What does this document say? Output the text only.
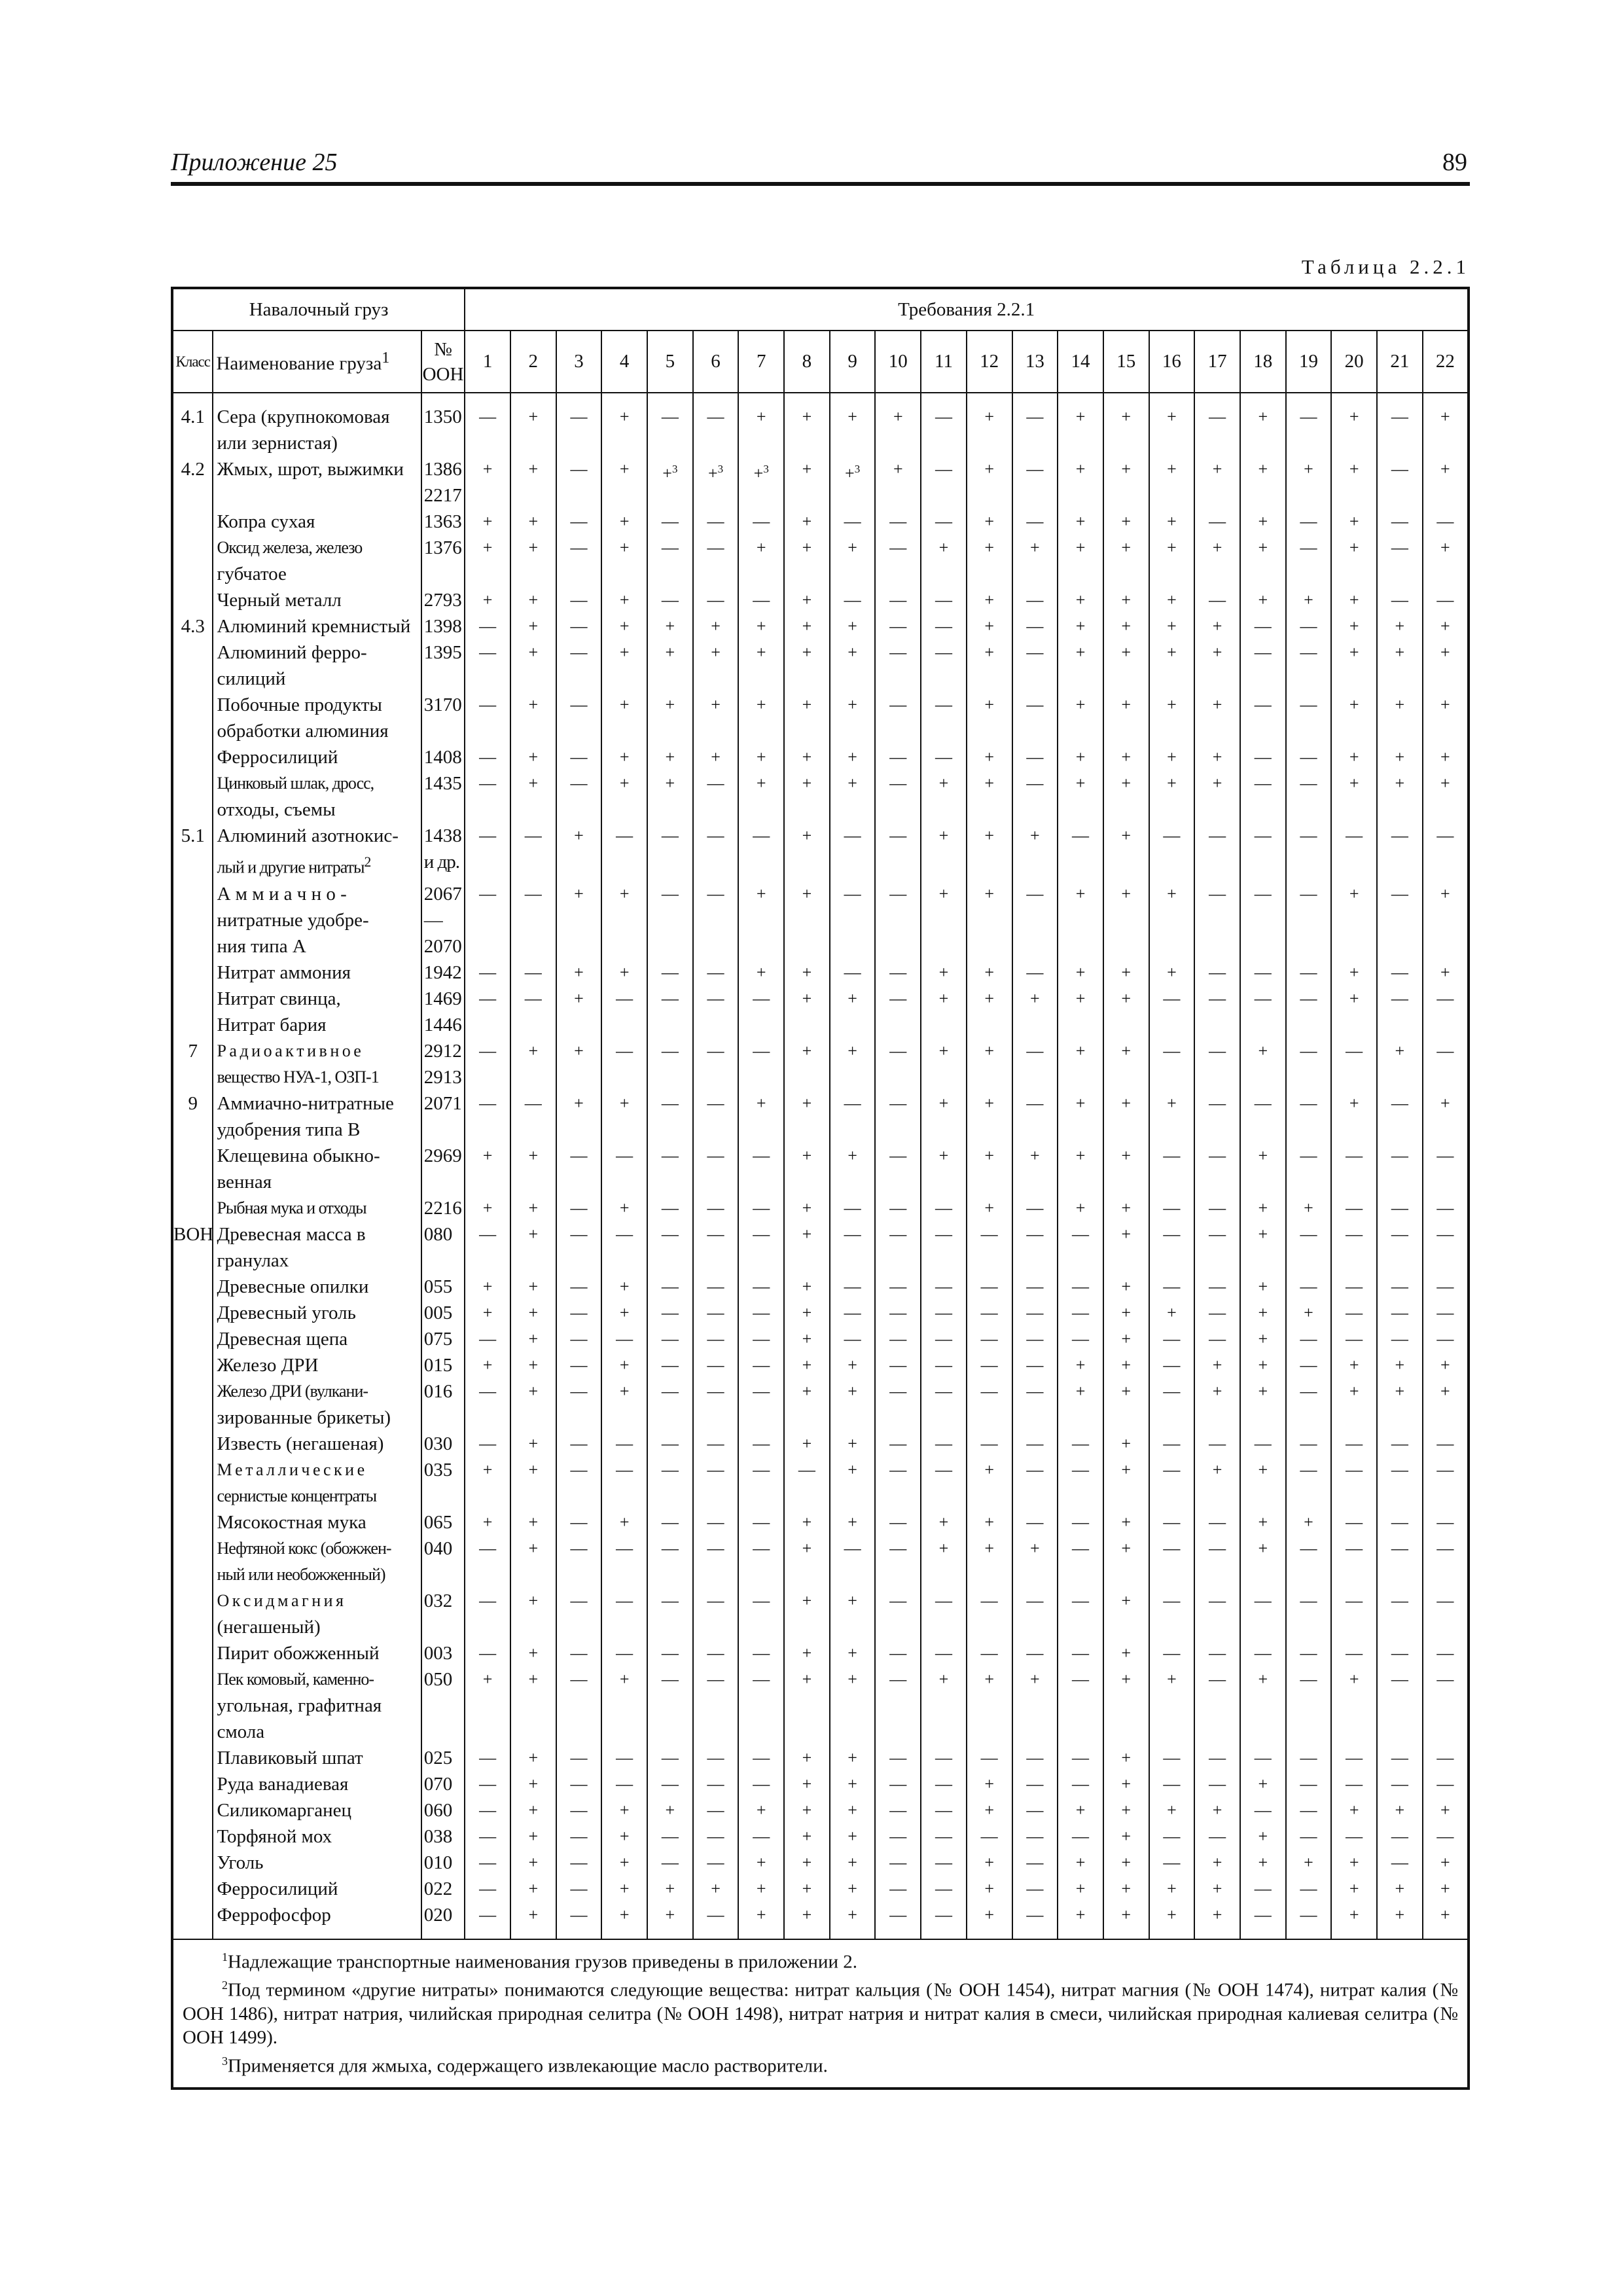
Приложение 25	89
Таблица 2.2.1
Навалочный груз			Требования 2.2.1																					
Класс	Наименование груза$^1$	№
ООН	1	2	3	4	5	6	7	8	9	10	11	12	13	14	15	16	17	18	19	20	21	22
4.1	Сера (крупнокомовая
или зернистая)	1350	—	+	—	+	—	—	+	+	+	+	—	+	—	+	+	+	—	+	—	+	—	+
4.2	Жмых, шрот, выжимки	1386
2217	+	+	—	+	+$^3$	+$^3$	+$^3$	+	+$^3$	+	—	+	—	+	+	+	+	+	+	+	—	+

	Копра сухая	1363	+	+	—	+	—	—	—	+	—	—	—	+	—	+	+	+	—	+	—	+	—	—

	Оксид железа, железо
губчатое	1376	+	+	—	+	—	—	+	+	+	—	+	+	+	+	+	+	+	+	—	+	—	+

	Черный металл	2793	+	+	—	+	—	—	—	+	—	—	—	+	—	+	+	+	—	+	+	+	—	—
4.3	Алюминий кремнистый	1398	—	+	—	+	+	+	+	+	+	—	—	+	—	+	+	+	+	—	—	+	+	+

	Алюминий ферро-
силиций	1395	—	+	—	+	+	+	+	+	+	—	—	+	—	+	+	+	+	—	—	+	+	+

	Побочные продукты
обработки алюминия	3170	—	+	—	+	+	+	+	+	+	—	—	+	—	+	+	+	+	—	—	+	+	+

	Ферросилиций	1408	—	+	—	+	+	+	+	+	+	—	—	+	—	+	+	+	+	—	—	+	+	+

	Цинковый шлак, дросс,
отходы, съемы	1435	—	+	—	+	+	—	+	+	+	—	+	+	—	+	+	+	+	—	—	+	+	+
5.1	Алюминий азотнокис-
лый и другие нитраты$^2$	1438
и др.	—	—	+	—	—	—	—	+	—	—	+	+	+	—	+	—	—	—	—	—	—	—

	А м м и а ч н о -
нитратные удобре-
ния типа А	2067
—
2070	—	—	+	+	—	—	+	+	—	—	+	+	—	+	+	+	—	—	—	+	—	+

	Нитрат аммония	1942	—	—	+	+	—	—	+	+	—	—	+	+	—	+	+	+	—	—	—	+	—	+

	Нитрат свинца,
Нитрат бария	1469
1446	—	—	+	—	—	—	—	+	+	—	+	+	+	+	+	—	—	—	—	+	—	—
7	Р а д и о а к т и в н о е
вещество НУА-1, ОЗП-1	2912
2913	—	+	+	—	—	—	—	+	+	—	+	+	—	+	+	—	—	+	—	—	+	—
9	Аммиачно-нитратные
удобрения типа В	2071	—	—	+	+	—	—	+	+	—	—	+	+	—	+	+	+	—	—	—	+	—	+

	Клещевина обыкно-
венная	2969	+	+	—	—	—	—	—	+	+	—	+	+	+	+	+	—	—	+	—	—	—	—

	Рыбная мука и отходы	2216	+	+	—	+	—	—	—	+	—	—	—	+	—	+	+	—	—	+	+	—	—	—
ВОН	Древесная масса в
гранулах	080	—	+	—	—	—	—	—	+	—	—	—	—	—	—	+	—	—	+	—	—	—	—

	Древесные опилки	055	+	+	—	+	—	—	—	+	—	—	—	—	—	—	+	—	—	+	—	—	—	—

	Древесный уголь	005	+	+	—	+	—	—	—	+	—	—	—	—	—	—	+	+	—	+	+	—	—	—

	Древесная щепа	075	—	+	—	—	—	—	—	+	—	—	—	—	—	—	+	—	—	+	—	—	—	—

	Железо ДРИ	015	+	+	—	+	—	—	—	+	+	—	—	—	—	+	+	—	+	+	—	+	+	+

	Железо ДРИ (вулкани-
зированные брикеты)	016	—	+	—	+	—	—	—	+	+	—	—	—	—	+	+	—	+	+	—	+	+	+

	Известь (негашеная)	030	—	+	—	—	—	—	—	+	+	—	—	—	—	—	+	—	—	—	—	—	—	—

	М е т а л л и ч е с к и е
сернистые концентраты	035	+	+	—	—	—	—	—	—	+	—	—	+	—	—	+	—	+	+	—	—	—	—

	Мясокостная мука	065	+	+	—	+	—	—	—	+	+	—	+	+	—	—	+	—	—	+	+	—	—	—

	Нефтяной кокс (обожжен-
ный или необожженный)	040	—	+	—	—	—	—	—	+	—	—	+	+	+	—	+	—	—	+	—	—	—	—

	О к с и д м а г н и я
(негашеный)	032	—	+	—	—	—	—	—	+	+	—	—	—	—	—	+	—	—	—	—	—	—	—

	Пирит обожженный	003	—	+	—	—	—	—	—	+	+	—	—	—	—	—	+	—	—	—	—	—	—	—

	Пек комовый, каменно-
угольная, графитная
смола	050	+	+	—	+	—	—	—	+	+	—	+	+	+	—	+	+	—	+	—	+	—	—

	Плавиковый шпат	025	—	+	—	—	—	—	—	+	+	—	—	—	—	—	+	—	—	—	—	—	—	—

	Руда ванадиевая	070	—	+	—	—	—	—	—	+	+	—	—	+	—	—	+	—	—	+	—	—	—	—

	Силикомарганец	060	—	+	—	+	+	—	+	+	+	—	—	+	—	+	+	+	+	—	—	+	+	+

	Торфяной мох	038	—	+	—	+	—	—	—	+	+	—	—	—	—	—	+	—	—	+	—	—	—	—

	Уголь	010	—	+	—	+	—	—	+	+	+	—	—	+	—	+	+	—	+	+	+	+	—	+

	Ферросилиций	022	—	+	—	+	+	+	+	+	+	—	—	+	—	+	+	+	+	—	—	+	+	+

	Феррофосфор	020	—	+	—	+	+	—	+	+	+	—	—	+	—	+	+	+	+	—	—	+	+	+

$^1$Надлежащие транспортные наименования грузов приведены в приложении 2.
$^2$Под термином «другие нитраты» понимаются следующие вещества: нитрат кальция (№ ООН 1454), нитрат магния (№ ООН 1474), нитрат калия (№ ООН 1486), нитрат натрия, чилийская природная селитра (№ ООН 1498), нитрат натрия и нитрат калия в смеси, чилийская природная калиевая селитра (№ ООН 1499).
$^3$Применяется для жмыха, содержащего извлекающие масло растворители.																								
